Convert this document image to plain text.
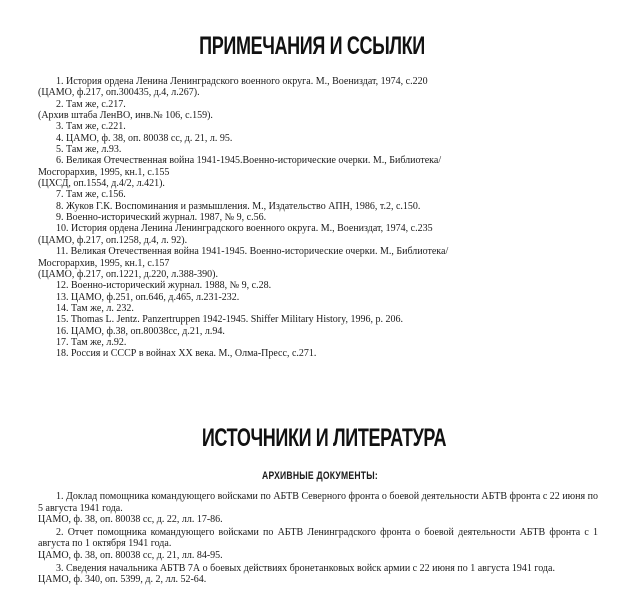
ПРИМЕЧАНИЯ И ССЫЛКИ
1. История ордена Ленина Ленинградского военного округа. М., Воениздат, 1974, с.220
(ЦАМО, ф.217, оп.300435, д.4, л.267).
2. Там же, с.217.
(Архив штаба ЛенВО, инв.№ 106, с.159).
3. Там же, с.221.
4. ЦАМО, ф. 38, оп. 80038 сс, д. 21, л. 95.
5. Там же, л.93.
6. Великая Отечественная война 1941-1945.Военно-исторические очерки. М., Библиотека/
Мосгорархив, 1995, кн.1, с.155
(ЦХСД, оп.1554, д.4/2, л.421).
7. Там же, с.156.
8. Жуков Г.К. Воспоминания и размышления. М., Издательство АПН, 1986, т.2, с.150.
9. Военно-исторический журнал. 1987, № 9, с.56.
10. История ордена Ленина Ленинградского военного округа. М., Воениздат, 1974, с.235
(ЦАМО, ф.217, оп.1258, д.4, л. 92).
11. Великая Отечественная война 1941-1945. Военно-исторические очерки. М., Библиотека/
Мосгорархив, 1995, кн.1, с.157
(ЦАМО, ф.217, оп.1221, д.220, л.388-390).
12. Военно-исторический журнал. 1988, № 9, с.28.
13. ЦАМО, ф.251, оп.646, д.465, л.231-232.
14. Там же, л. 232.
15. Thomas L. Jentz. Panzertruppen 1942-1945. Shiffer Military History, 1996, p. 206.
16. ЦАМО, ф.38, оп.80038сс, д.21, л.94.
17. Там же, л.92.
18. Россия и СССР в войнах XX века. М., Олма-Пресс, с.271.
ИСТОЧНИКИ И ЛИТЕРАТУРА
АРХИВНЫЕ ДОКУМЕНТЫ:
1. Доклад помощника командующего войсками по АБТВ Северного фронта о боевой деятельности АБТВ фронта с 22 июня по 5 августа 1941 года.
ЦАМО, ф. 38, оп. 80038 сс, д. 22, лл. 17-86.
2. Отчет помощника командующего войсками по АБТВ Ленинградского фронта о боевой деятельности АБТВ фронта с 1 августа по 1 октября 1941 года.
ЦАМО, ф. 38, оп. 80038 сс, д. 21, лл. 84-95.
3. Сведения начальника АБТВ 7А о боевых действиях бронетанковых войск армии с 22 июня по 1 августа 1941 года.
ЦАМО, ф. 340, оп. 5399, д. 2, лл. 52-64.
